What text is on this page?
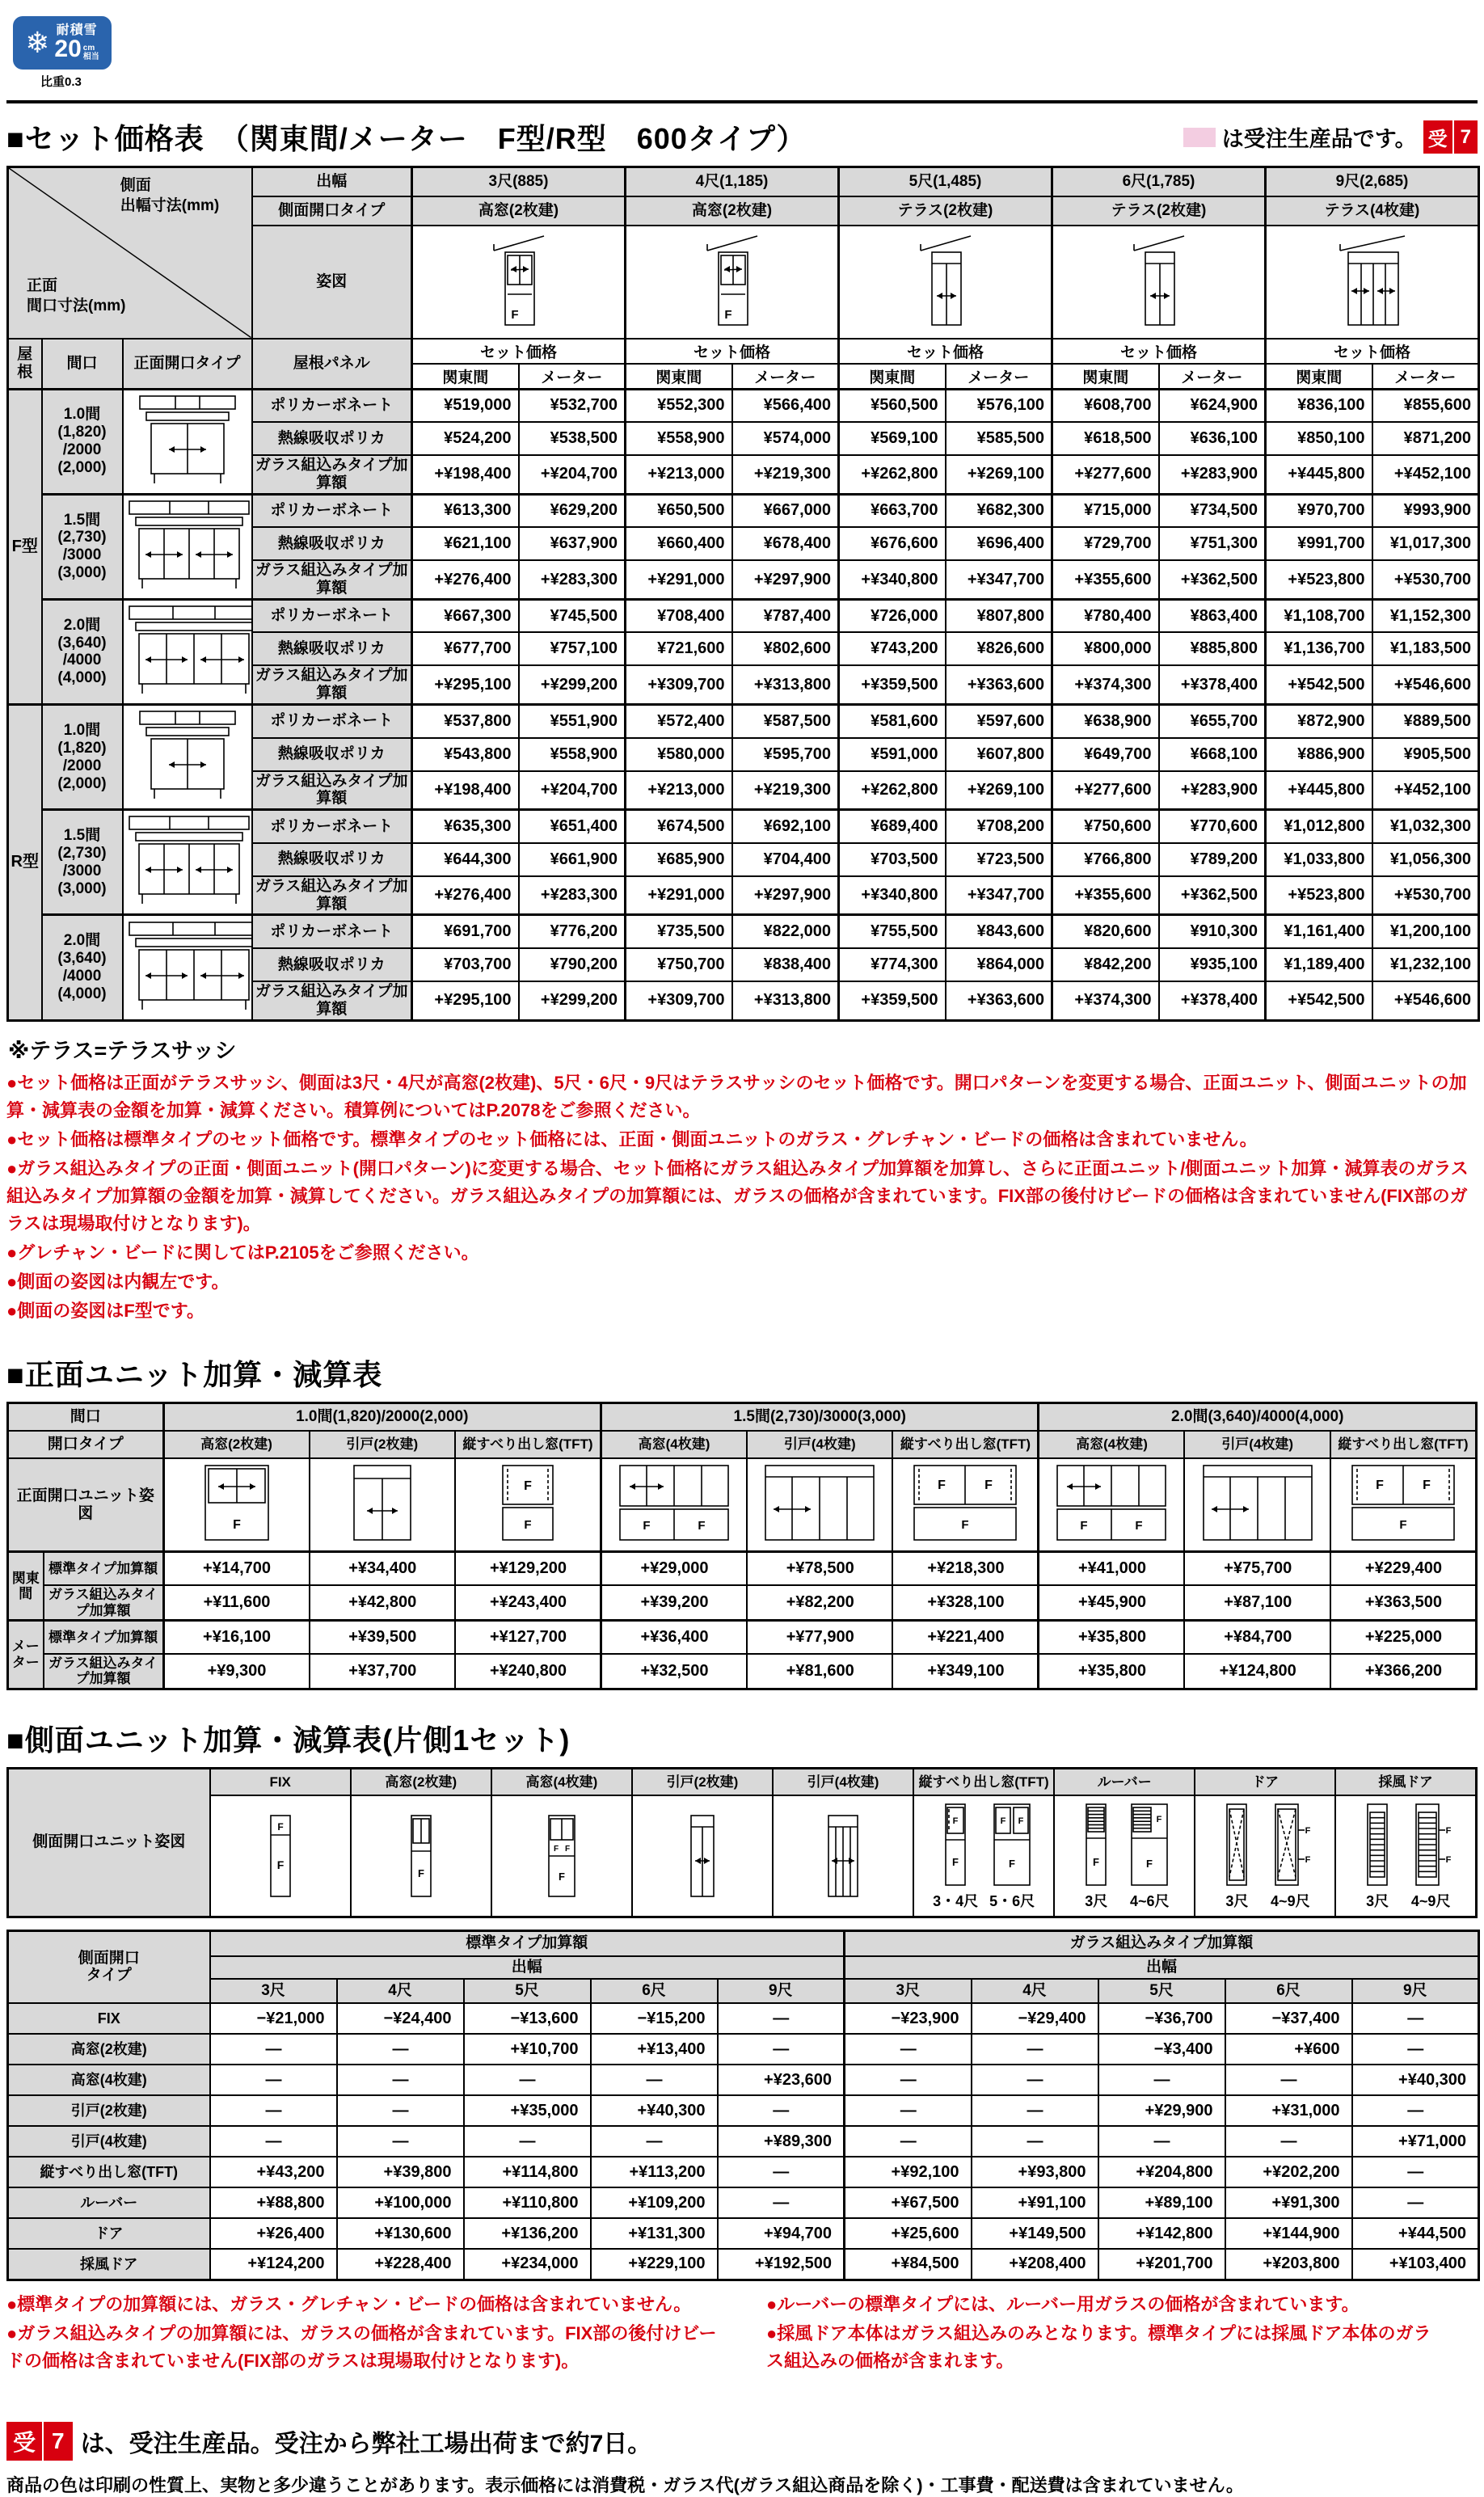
❄ 耐積雪
20 cm
相当
比重0.3
■セット価格表　（関東間/メーター　F型/R型　600タイプ）	は受注生産品です。 受 7
側面
出幅寸法(mm)
正面
間口寸法(mm)			出幅	3尺(885)		4尺(1,185)		5尺(1,485)		6尺(1,785)		9尺(2,685)	
			側面開口タイプ	高窓(2枚建)		高窓(2枚建)		テラス(2枚建)		テラス(2枚建)		テラス(4枚建)	
			姿図	F		F

屋根	間口	正面開口タイプ	屋根パネル	セット価格		セット価格		セット価格		セット価格		セット価格	
				関東間	メーター	関東間	メーター	関東間	メーター	関東間	メーター	関東間	メーター
F型	1.0間
(1,820)
/2000
(2,000)		ポリカーボネート	¥519,000	¥532,700	¥552,300	¥566,400	¥560,500	¥576,100	¥608,700	¥624,900	¥836,100	¥855,600
			熱線吸収ポリカ	¥524,200	¥538,500	¥558,900	¥574,000	¥569,100	¥585,500	¥618,500	¥636,100	¥850,100	¥871,200
			ガラス組込みタイプ加算額	+¥198,400	+¥204,700	+¥213,000	+¥219,300	+¥262,800	+¥269,100	+¥277,600	+¥283,900	+¥445,800	+¥452,100
	1.5間
(2,730)
/3000
(3,000)		ポリカーボネート	¥613,300	¥629,200	¥650,500	¥667,000	¥663,700	¥682,300	¥715,000	¥734,500	¥970,700	¥993,900
			熱線吸収ポリカ	¥621,100	¥637,900	¥660,400	¥678,400	¥676,600	¥696,400	¥729,700	¥751,300	¥991,700	¥1,017,300
			ガラス組込みタイプ加算額	+¥276,400	+¥283,300	+¥291,000	+¥297,900	+¥340,800	+¥347,700	+¥355,600	+¥362,500	+¥523,800	+¥530,700
	2.0間
(3,640)
/4000
(4,000)		ポリカーボネート	¥667,300	¥745,500	¥708,400	¥787,400	¥726,000	¥807,800	¥780,400	¥863,400	¥1,108,700	¥1,152,300
			熱線吸収ポリカ	¥677,700	¥757,100	¥721,600	¥802,600	¥743,200	¥826,600	¥800,000	¥885,800	¥1,136,700	¥1,183,500
			ガラス組込みタイプ加算額	+¥295,100	+¥299,200	+¥309,700	+¥313,800	+¥359,500	+¥363,600	+¥374,300	+¥378,400	+¥542,500	+¥546,600
R型	1.0間
(1,820)
/2000
(2,000)		ポリカーボネート	¥537,800	¥551,900	¥572,400	¥587,500	¥581,600	¥597,600	¥638,900	¥655,700	¥872,900	¥889,500
			熱線吸収ポリカ	¥543,800	¥558,900	¥580,000	¥595,700	¥591,000	¥607,800	¥649,700	¥668,100	¥886,900	¥905,500
			ガラス組込みタイプ加算額	+¥198,400	+¥204,700	+¥213,000	+¥219,300	+¥262,800	+¥269,100	+¥277,600	+¥283,900	+¥445,800	+¥452,100
	1.5間
(2,730)
/3000
(3,000)		ポリカーボネート	¥635,300	¥651,400	¥674,500	¥692,100	¥689,400	¥708,200	¥750,600	¥770,600	¥1,012,800	¥1,032,300
			熱線吸収ポリカ	¥644,300	¥661,900	¥685,900	¥704,400	¥703,500	¥723,500	¥766,800	¥789,200	¥1,033,800	¥1,056,300
			ガラス組込みタイプ加算額	+¥276,400	+¥283,300	+¥291,000	+¥297,900	+¥340,800	+¥347,700	+¥355,600	+¥362,500	+¥523,800	+¥530,700
	2.0間
(3,640)
/4000
(4,000)		ポリカーボネート	¥691,700	¥776,200	¥735,500	¥822,000	¥755,500	¥843,600	¥820,600	¥910,300	¥1,161,400	¥1,200,100
			熱線吸収ポリカ	¥703,700	¥790,200	¥750,700	¥838,400	¥774,300	¥864,000	¥842,200	¥935,100	¥1,189,400	¥1,232,100
			ガラス組込みタイプ加算額	+¥295,100	+¥299,200	+¥309,700	+¥313,800	+¥359,500	+¥363,600	+¥374,300	+¥378,400	+¥542,500	+¥546,600
※テラス=テラスサッシ
●セット価格は正面がテラスサッシ、側面は3尺・4尺が高窓(2枚建)、5尺・6尺・9尺はテラスサッシのセット価格です。開口パターンを変更する場合、正面ユニット、側面ユニットの加算・減算表の金額を加算・減算ください。積算例についてはP.2078をご参照ください。
●セット価格は標準タイプのセット価格です。標準タイプのセット価格には、正面・側面ユニットのガラス・グレチャン・ビードの価格は含まれていません。
●ガラス組込みタイプの正面・側面ユニット(開口パターン)に変更する場合、セット価格にガラス組込みタイプ加算額を加算し、さらに正面ユニット/側面ユニット加算・減算表のガラス組込みタイプ加算額の金額を加算・減算してください。ガラス組込みタイプの加算額には、ガラスの価格が含まれています。FIX部の後付けビードの価格は含まれていません(FIX部のガラスは現場取付けとなります)。
●グレチャン・ビードに関してはP.2105をご参照ください。
●側面の姿図は内観左です。
●側面の姿図はF型です。
■正面ユニット加算・減算表
間口		1.0間(1,820)/2000(2,000)			1.5間(2,730)/3000(3,000)			2.0間(3,640)/4000(4,000)		
開口タイプ		高窓(2枚建)	引戸(2枚建)	縦すべり出し窓(TFT)	高窓(4枚建)	引戸(4枚建)	縦すべり出し窓(TFT)	高窓(4枚建)	引戸(4枚建)	縦すべり出し窓(TFT)
正面開口ユニット姿図		F		F
F	F F		F F
F	F F		F F
F

関東間	標準タイプ加算額	+¥14,700	+¥34,400	+¥129,200	+¥29,000	+¥78,500	+¥218,300	+¥41,000	+¥75,700	+¥229,400
	ガラス組込みタイプ加算額	+¥11,600	+¥42,800	+¥243,400	+¥39,200	+¥82,200	+¥328,100	+¥45,900	+¥87,100	+¥363,500
メーター	標準タイプ加算額	+¥16,100	+¥39,500	+¥127,700	+¥36,400	+¥77,900	+¥221,400	+¥35,800	+¥84,700	+¥225,000
	ガラス組込みタイプ加算額	+¥9,300	+¥37,700	+¥240,800	+¥32,500	+¥81,600	+¥349,100	+¥35,800	+¥124,800	+¥366,200
■側面ユニット加算・減算表(片側1セット)
側面開口ユニット姿図	FIX	高窓(2枚建)	高窓(4枚建)	引戸(2枚建)	引戸(4枚建)	縦すべり出し窓(TFT)	ルーバー	ドア	採風ドア

F
F

F

F F
F

F
F
3・4尺
F F
F
5・6尺

F
3尺
F
F
4~6尺	3尺
F
F
4~9尺	3尺
F
F
4~9尺
側面開口
タイプ	標準タイプ加算額					ガラス組込みタイプ加算額				
	出幅					出幅				
	3尺	4尺	5尺	6尺	9尺	3尺	4尺	5尺	6尺	9尺
FIX	−¥21,000	−¥24,400	−¥13,600	−¥15,200	—	−¥23,900	−¥29,400	−¥36,700	−¥37,400	—
高窓(2枚建)	—	—	+¥10,700	+¥13,400	—	—	—	−¥3,400	+¥600	—
高窓(4枚建)	—	—	—	—	+¥23,600	—	—	—	—	+¥40,300
引戸(2枚建)	—	—	+¥35,000	+¥40,300	—	—	—	+¥29,900	+¥31,000	—
引戸(4枚建)	—	—	—	—	+¥89,300	—	—	—	—	+¥71,000
縦すべり出し窓(TFT)	+¥43,200	+¥39,800	+¥114,800	+¥113,200	—	+¥92,100	+¥93,800	+¥204,800	+¥202,200	—
ルーバー	+¥88,800	+¥100,000	+¥110,800	+¥109,200	—	+¥67,500	+¥91,100	+¥89,100	+¥91,300	—
ドア	+¥26,400	+¥130,600	+¥136,200	+¥131,300	+¥94,700	+¥25,600	+¥149,500	+¥142,800	+¥144,900	+¥44,500
採風ドア	+¥124,200	+¥228,400	+¥234,000	+¥229,100	+¥192,500	+¥84,500	+¥208,400	+¥201,700	+¥203,800	+¥103,400
●標準タイプの加算額には、ガラス・グレチャン・ビードの価格は含まれていません。
●ガラス組込みタイプの加算額には、ガラスの価格が含まれています。FIX部の後付けビードの価格は含まれていません(FIX部のガラスは現場取付けとなります)。
●ルーバーの標準タイプには、ルーバー用ガラスの価格が含まれています。
●採風ドア本体はガラス組込みのみとなります。標準タイプには採風ドア本体のガラス組込みの価格が含まれます。
受 7 は、受注生産品。受注から弊社工場出荷まで約7日。
商品の色は印刷の性質上、実物と多少違うことがあります。表示価格には消費税・ガラス代(ガラス組込商品を除く)・工事費・配送費は含まれていません。
